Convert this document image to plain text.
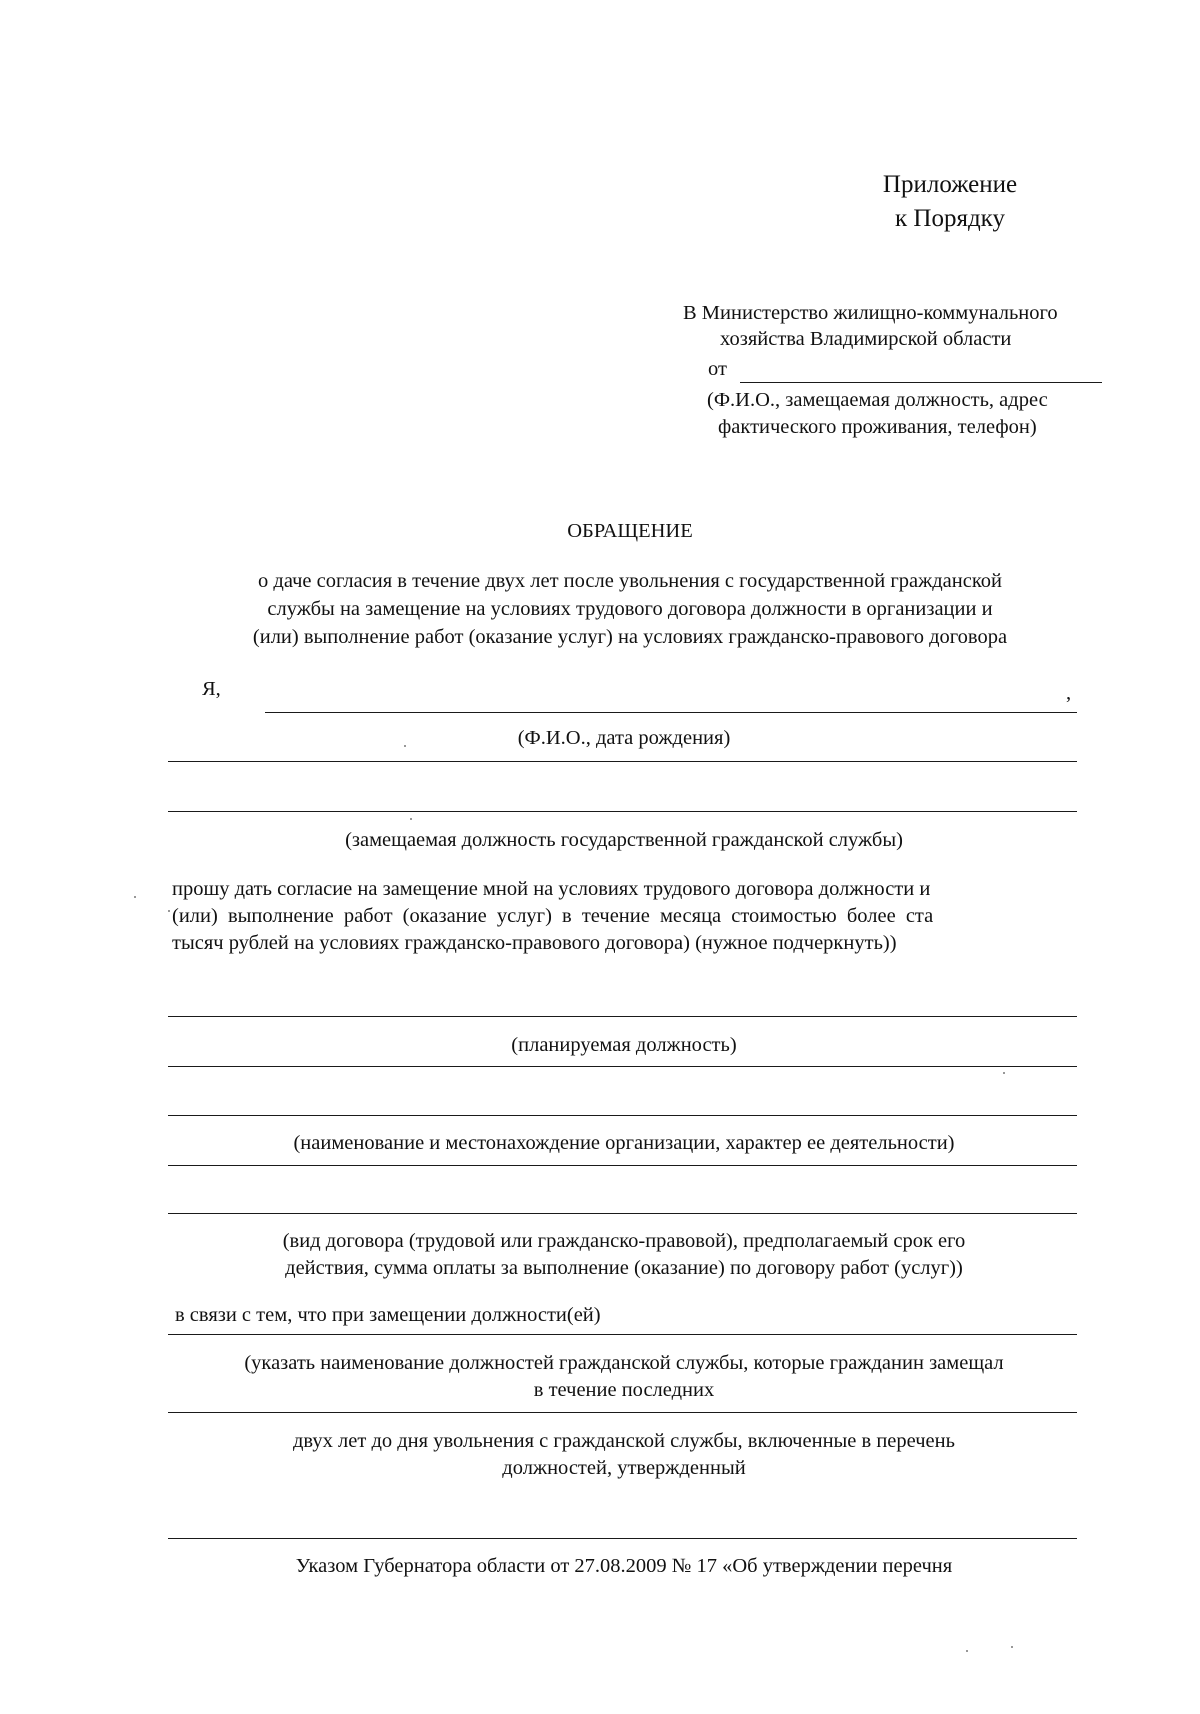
Приложение
к Порядку
В Министерство жилищно-коммунального
хозяйства Владимирской области
от
(Ф.И.О., замещаемая должность, адрес
фактического проживания, телефон)
ОБРАЩЕНИЕ
о даче согласия в течение двух лет после увольнения с государственной гражданской
службы на замещение на условиях трудового договора должности в организации и
(или) выполнение работ (оказание услуг) на условиях гражданско-правового договора
Я,	,
(Ф.И.О., дата рождения)
(замещаемая должность государственной гражданской службы)
прошу дать согласие на замещение мной на условиях трудового договора должности и
(или) выполнение работ (оказание услуг) в течение месяца стоимостью более ста
тысяч рублей на условиях гражданско-правового договора) (нужное подчеркнуть))
(планируемая должность)
(наименование и местонахождение организации, характер ее деятельности)
(вид договора (трудовой или гражданско-правовой), предполагаемый срок его
действия, сумма оплаты за выполнение (оказание) по договору работ (услуг))
в связи с тем, что при замещении должности(ей)
(указать наименование должностей гражданской службы, которые гражданин замещал
в течение последних
двух лет до дня увольнения с гражданской службы, включенные в перечень
должностей, утвержденный
Указом Губернатора области от 27.08.2009 № 17 «Об утверждении перечня
